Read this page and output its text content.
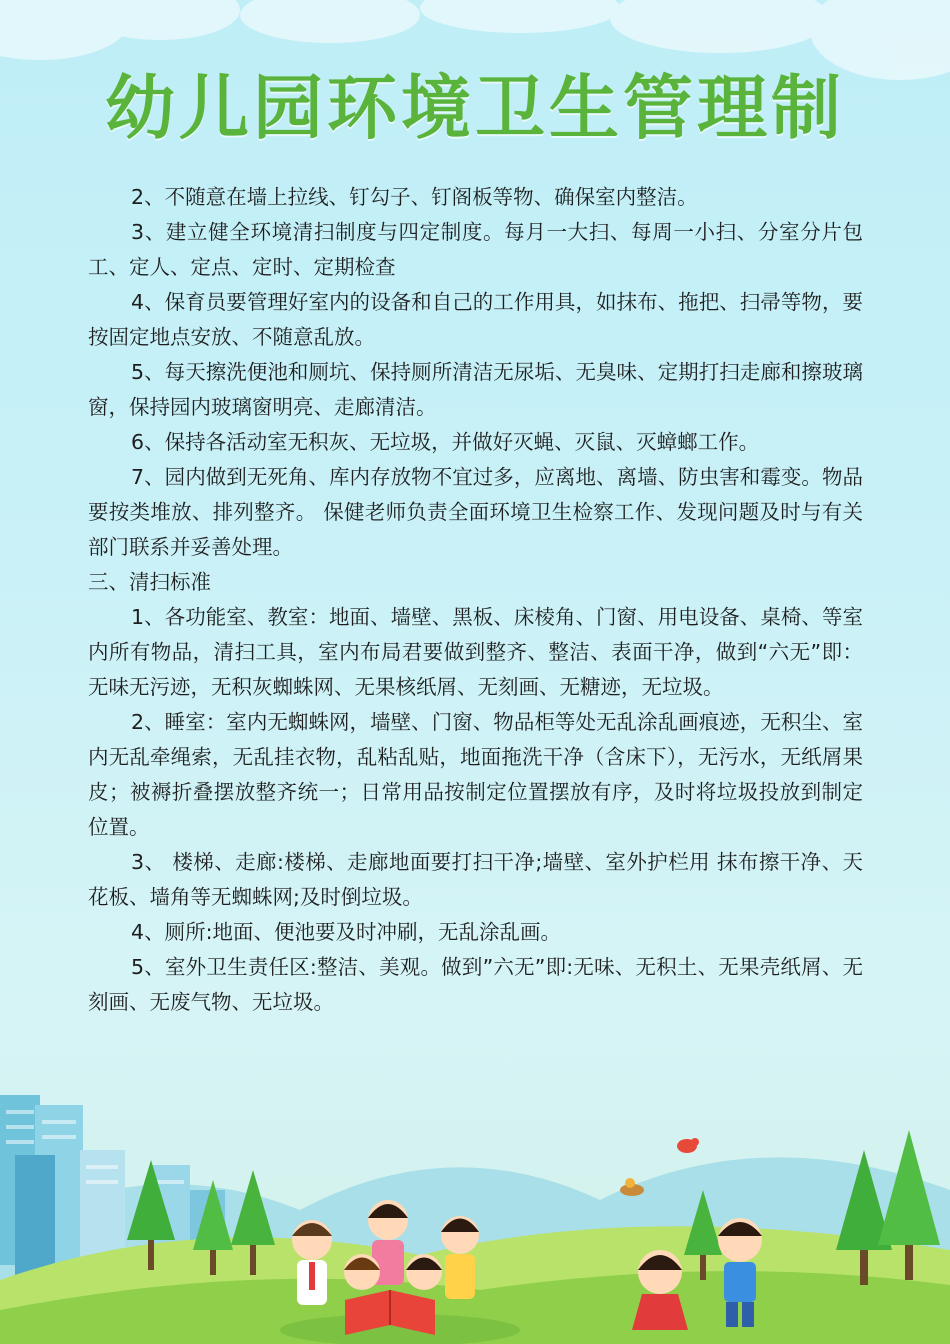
幼儿园环境卫生管理制

2、不随意在墙上拉线、钉勾子、钉阁板等物、确保室内整洁。

3、建立健全环境清扫制度与四定制度。每月一大扫、每周一小扫、分室分片包工、定人、定点、定时、定期检查

4、保育员要管理好室内的设备和自己的工作用具，如抹布、拖把、扫帚等物，要按固定地点安放、不随意乱放。

5、每天擦洗便池和厕坑、保持厕所清洁无尿垢、无臭味、定期打扫走廊和擦玻璃窗，保持园内玻璃窗明亮、走廊清洁。

6、保持各活动室无积灰、无垃圾，并做好灭蝇、灭鼠、灭蟑螂工作。

7、园内做到无死角、库内存放物不宜过多，应离地、离墙、防虫害和霉变。物品要按类堆放、排列整齐。 保健老师负责全面环境卫生检察工作、发现问题及时与有关部门联系并妥善处理。

三、清扫标准

1、各功能室、教室：地面、墙壁、黑板、床棱角、门窗、用电设备、桌椅、等室内所有物品，清扫工具，室内布局君要做到整齐、整洁、表面干净，做到“六无”即：无味无污迹，无积灰蜘蛛网、无果核纸屑、无刻画、无糖迹，无垃圾。

2、睡室：室内无蜘蛛网，墙壁、门窗、物品柜等处无乱涂乱画痕迹，无积尘、室内无乱牵绳索，无乱挂衣物，乱粘乱贴，地面拖洗干净（含床下），无污水，无纸屑果皮；被褥折叠摆放整齐统一；日常用品按制定位置摆放有序，及时将垃圾投放到制定位置。

3、 楼梯、走廊:楼梯、走廊地面要打扫干净;墙壁、室外护栏用 抹布擦干净、天花板、墙角等无蜘蛛网;及时倒垃圾。

4、厕所:地面、便池要及时冲刷，无乱涂乱画。

5、室外卫生责任区:整洁、美观。做到”六无”即:无味、无积土、无果壳纸屑、无刻画、无废气物、无垃圾。
